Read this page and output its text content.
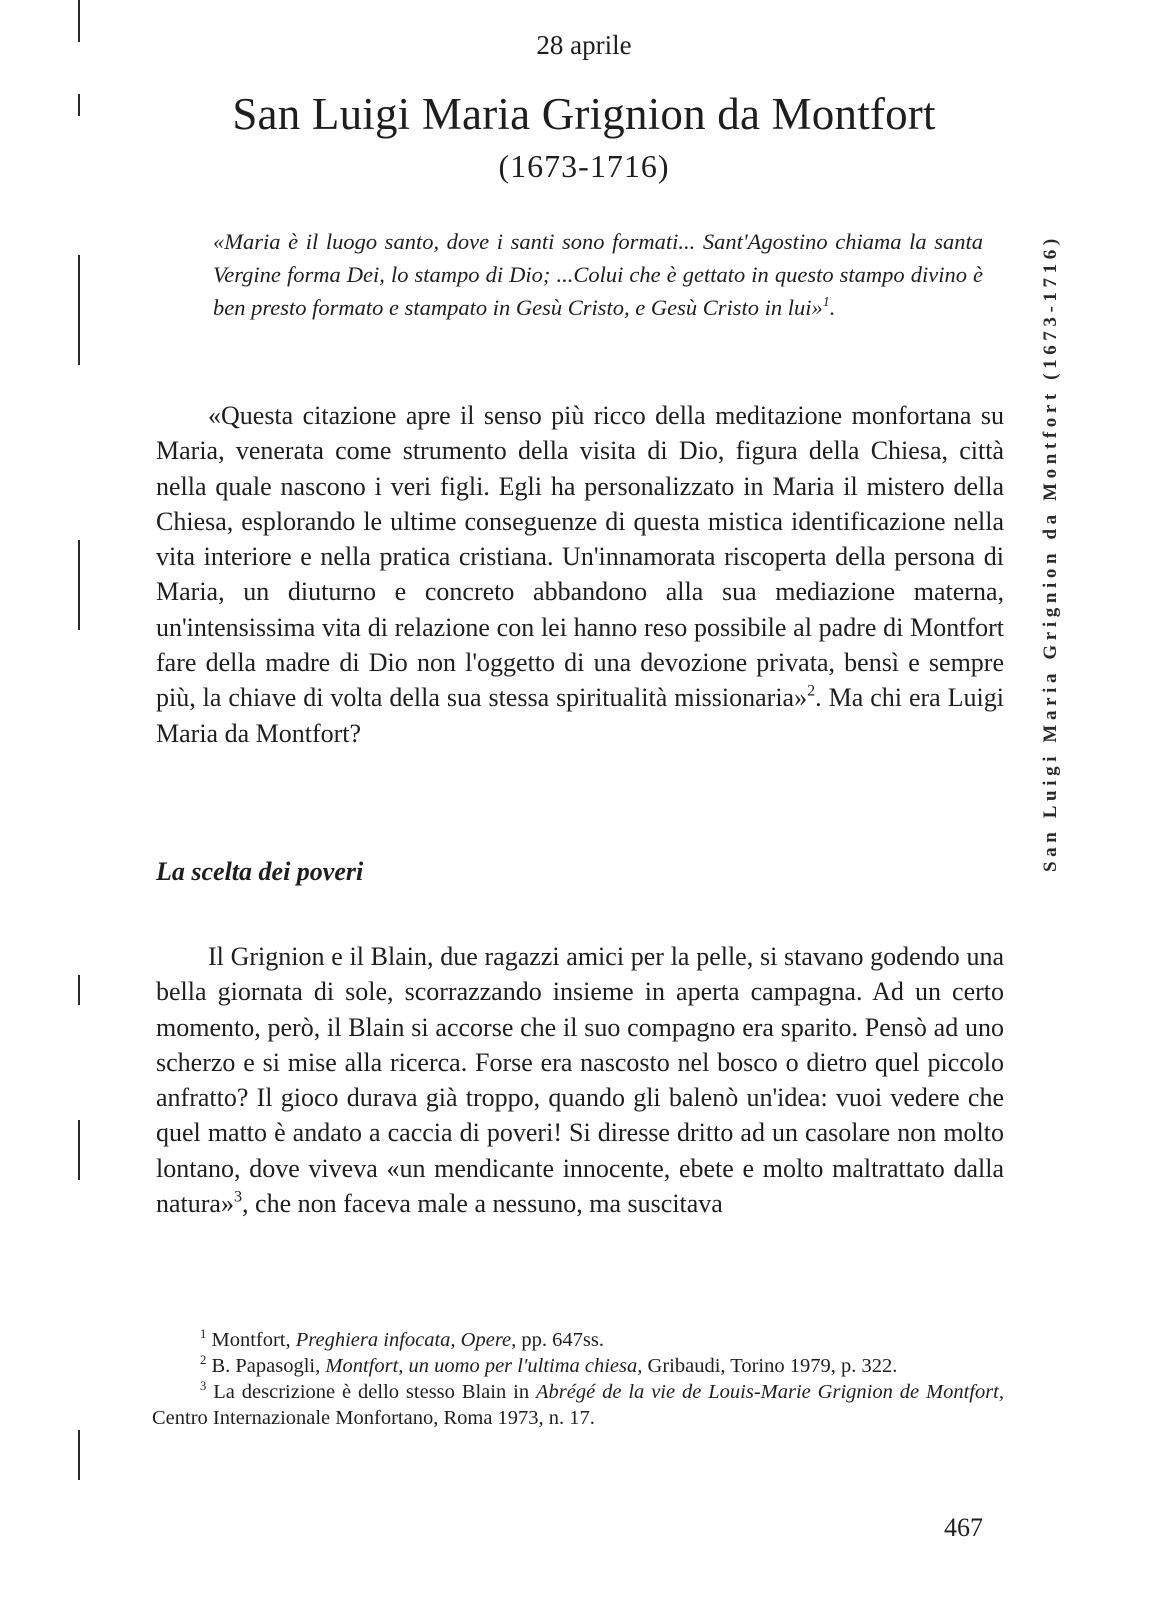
28 aprile
San Luigi Maria Grignion da Montfort
(1673-1716)

«Maria è il luogo santo, dove i santi sono formati... Sant'Agostino chiama la santa Vergine forma Dei, lo stampo di Dio; ...Colui che è gettato in questo stampo divino è ben presto formato e stampato in Gesù Cristo, e Gesù Cristo in lui»$^1$.

«Questa citazione apre il senso più ricco della meditazione monfortana su Maria, venerata come strumento della visita di Dio, figura della Chiesa, città nella quale nascono i veri figli. Egli ha personalizzato in Maria il mistero della Chiesa, esplorando le ultime conseguenze di questa mistica identificazione nella vita interiore e nella pratica cristiana. Un'innamorata riscoperta della persona di Maria, un diuturno e concreto abbandono alla sua mediazione materna, un'intensissima vita di relazione con lei hanno reso possibile al padre di Montfort fare della madre di Dio non l'oggetto di una devozione privata, bensì e sempre più, la chiave di volta della sua stessa spiritualità missionaria»$^2$. Ma chi era Luigi Maria da Montfort?

La scelta dei poveri

Il Grignion e il Blain, due ragazzi amici per la pelle, si stavano godendo una bella giornata di sole, scorrazzando insieme in aperta campagna. Ad un certo momento, però, il Blain si accorse che il suo compagno era sparito. Pensò ad uno scherzo e si mise alla ricerca. Forse era nascosto nel bosco o dietro quel piccolo anfratto? Il gioco durava già troppo, quando gli balenò un'idea: vuoi vedere che quel matto è andato a caccia di poveri! Si diresse dritto ad un casolare non molto lontano, dove viveva «un mendicante innocente, ebete e molto maltrattato dalla natura»$^3$, che non faceva male a nessuno, ma suscitava

$^1$ Montfort, Preghiera infocata, Opere, pp. 647ss.

$^2$ B. Papasogli, Montfort, un uomo per l'ultima chiesa, Gribaudi, Torino 1979, p. 322.

$^3$ La descrizione è dello stesso Blain in Abrégé de la vie de Louis-Marie Grignion de Montfort, Centro Internazionale Monfortano, Roma 1973, n. 17.

467
San Luigi Maria Grignion da Montfort (1673-1716)
